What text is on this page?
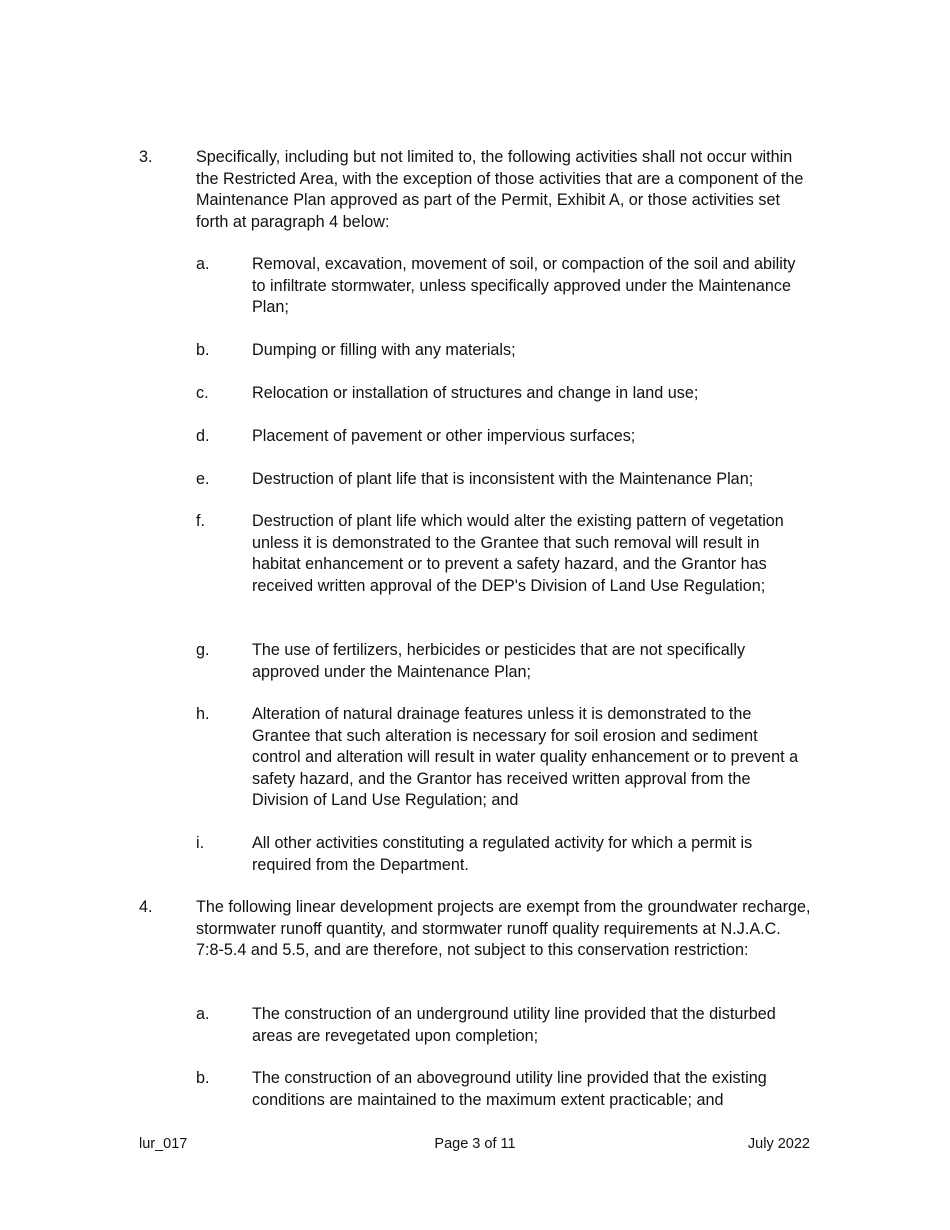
3.	Specifically, including but not limited to, the following activities shall not occur within the Restricted Area, with the exception of those activities that are a component of the Maintenance Plan approved as part of the Permit, Exhibit A, or those activities set forth at paragraph 4 below:
a.	Removal, excavation, movement of soil, or compaction of the soil and ability to infiltrate stormwater, unless specifically approved under the Maintenance Plan;
b.	Dumping or filling with any materials;
c.	Relocation or installation of structures and change in land use;
d.	Placement of pavement or other impervious surfaces;
e.	Destruction of plant life that is inconsistent with the Maintenance Plan;
f.	Destruction of plant life which would alter the existing pattern of vegetation unless it is demonstrated to the Grantee that such removal will result in habitat enhancement or to prevent a safety hazard, and the Grantor has received written approval of the DEP's Division of Land Use Regulation;
g.	The use of fertilizers, herbicides or pesticides that are not specifically approved under the Maintenance Plan;
h.	Alteration of natural drainage features unless it is demonstrated to the Grantee that such alteration is necessary for soil erosion and sediment control and alteration will result in water quality enhancement or to prevent a safety hazard, and the Grantor has received written approval from the Division of Land Use Regulation; and
i.	All other activities constituting a regulated activity for which a permit is required from the Department.
4.	The following linear development projects are exempt from the groundwater recharge, stormwater runoff quantity, and stormwater runoff quality requirements at N.J.A.C. 7:8-5.4 and 5.5, and are therefore, not subject to this conservation restriction:
a.	The construction of an underground utility line provided that the disturbed areas are revegetated upon completion;
b.	The construction of an aboveground utility line provided that the existing conditions are maintained to the maximum extent practicable; and
lur_017	Page 3 of 11	July 2022
